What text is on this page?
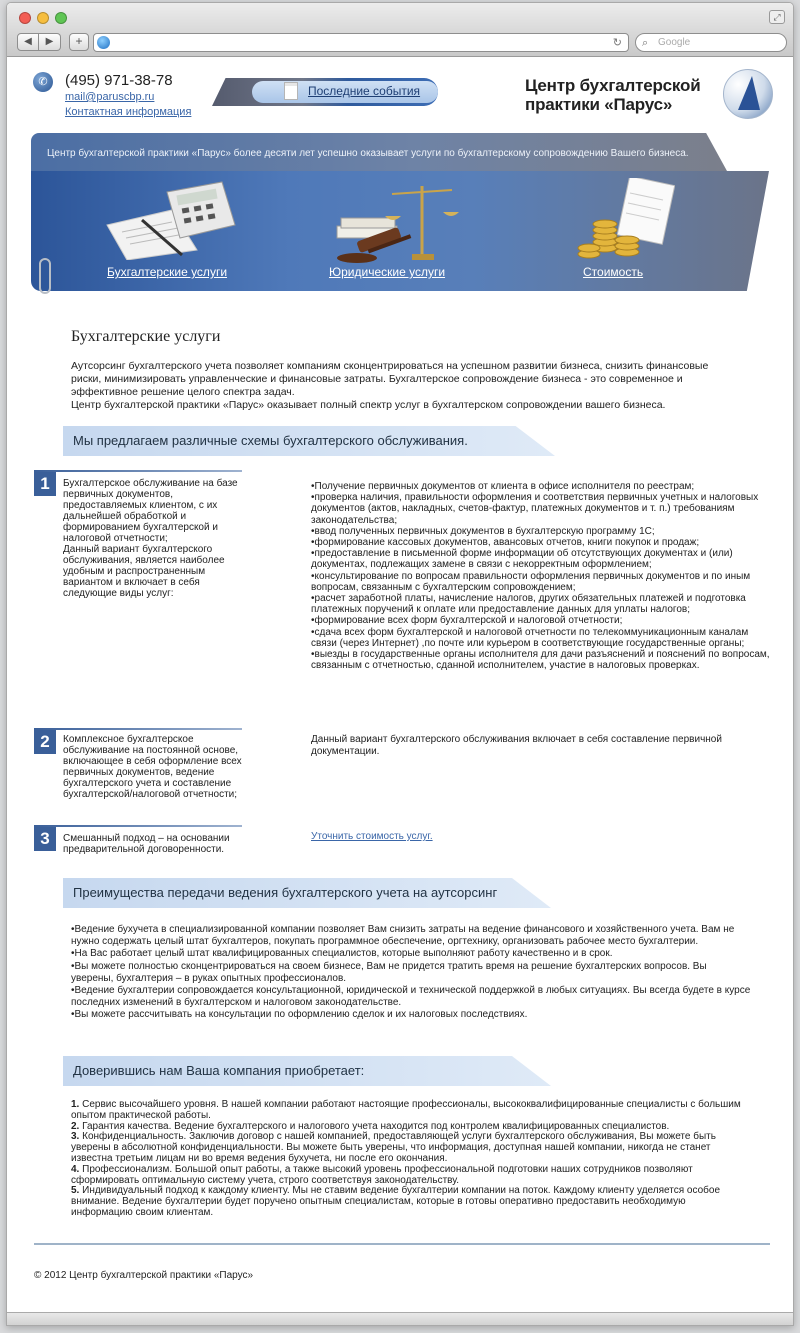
⤢
◀	▶	+	↻ ⌕ Google
✆	(495) 971-38-78
mail@paruscbp.ru
Контактная информация
Последние события	Центр бухгалтерской
практики «Парус»
Центр бухгалтерской практики «Парус» более десяти лет успешно оказывает услуги по бухгалтерскому сопровождению Вашего бизнеса.
Бухгалтерские услуги	Юридические услуги	Стоимость
Бухгалтерские услуги

Аутсорсинг бухгалтерского учета позволяет компаниям сконцентрироваться на успешном развитии бизнеса, снизить финансовые риски, минимизировать управленческие и финансовые затраты. Бухгалтерское сопровождение бизнеса - это современное и эффективное решение целого спектра задач.

Центр бухгалтерской практики «Парус» оказывает полный спектр услуг в бухгалтерском сопровождении вашего бизнеса.

Мы предлагаем различные схемы бухгалтерского обслуживания.
1	Бухгалтерское обслуживание на базе первичных документов, предоставляемых клиентом, с их дальнейшей обработкой и формированием бухгалтерской и налоговой отчетности;
Данный вариант бухгалтерского обслуживания, является наиболее удобным и распространенным вариантом и включает в себя следующие виды услуг:
• Получение первичных документов от клиента в офисе исполнителя по реестрам;
• проверка наличия, правильности оформления и соответствия первичных учетных и налоговых документов (актов, накладных, счетов-фактур, платежных документов и т. п.) требованиям законодательства;
• ввод полученных первичных документов в бухгалтерскую программу 1С;
• формирование кассовых документов, авансовых отчетов, книги покупок и продаж;
• предоставление в письменной форме информации об отсутствующих документах и (или) документах, подлежащих замене в связи с некорректным оформлением;
• консультирование по вопросам правильности оформления первичных документов и по иным вопросам, связанным с бухгалтерским сопровождением;
• расчет заработной платы, начисление налогов, других обязательных платежей и подготовка платежных поручений к оплате или предоставление данных для уплаты налогов;
• формирование всех форм бухгалтерской и налоговой отчетности;
• сдача всех форм бухгалтерской и налоговой отчетности по телекоммуникационным каналам связи (через Интернет) ,по почте или курьером в соответствующие государственные органы;
• выезды в государственные органы исполнителя для дачи разъяснений и пояснений по вопросам, связанным с отчетностью, сданной исполнителем, участие в налоговых проверках.
2	Комплексное бухгалтерское обслуживание на постоянной основе, включающее в себя оформление всех первичных документов, ведение бухгалтерского учета и составление бухгалтерской/налоговой отчетности;
Данный вариант бухгалтерского обслуживания включает в себя составление первичной документации.
3	Смешанный подход – на основании предварительной договоренности.
Уточнить стоимость услуг.
Преимущества передачи ведения бухгалтерского учета на аутсорсинг
• Ведение бухучета в специализированной компании позволяет Вам снизить затраты на ведение финансового и хозяйственного учета. Вам не нужно содержать целый штат бухгалтеров, покупать программное обеспечение, оргтехнику, организовать рабочее место бухгалтерии.
• На Вас работает целый штат квалифицированных специалистов, которые выполняют работу качественно и в срок.
• Вы можете полностью сконцентрироваться на своем бизнесе, Вам не придется тратить время на решение бухгалтерских вопросов. Вы уверены, бухгалтерия – в руках опытных профессионалов.
• Ведение бухгалтерии сопровождается консультационной, юридической и технической поддержкой в любых ситуациях. Вы всегда будете в курсе последних изменений в бухгалтерском и налоговом законодательстве.
• Вы можете рассчитывать на консультации по оформлению сделок и их налоговых последствиях.
Доверившись нам Ваша компания приобретает:
1. Сервис высочайшего уровня. В нашей компании работают настоящие профессионалы, высококвалифицированные специалисты с большим опытом практической работы.
2. Гарантия качества. Ведение бухгалтерского и налогового учета находится под контролем квалифицированных специалистов.
3. Конфиденциальность. Заключив договор с нашей компанией, предоставляющей услуги бухгалтерского обслуживания, Вы можете быть уверены в абсолютной конфиденциальности. Вы можете быть уверены, что информация, доступная нашей компании, никогда не станет известна третьим лицам ни во время ведения бухучета, ни после его окончания.
4. Профессионализм. Большой опыт работы, а также высокий уровень профессиональной подготовки наших сотрудников позволяют сформировать оптимальную систему учета, строго соответствуя законодательству.
5. Индивидуальный подход к каждому клиенту. Мы не ставим ведение бухгалтерии компании на поток. Каждому клиенту уделяется особое внимание. Ведение бухгалтерии будет поручено опытным специалистам, которые в готовы оперативно предоставить необходимую информацию своим клиентам.
© 2012 Центр бухгалтерской практики «Парус»
